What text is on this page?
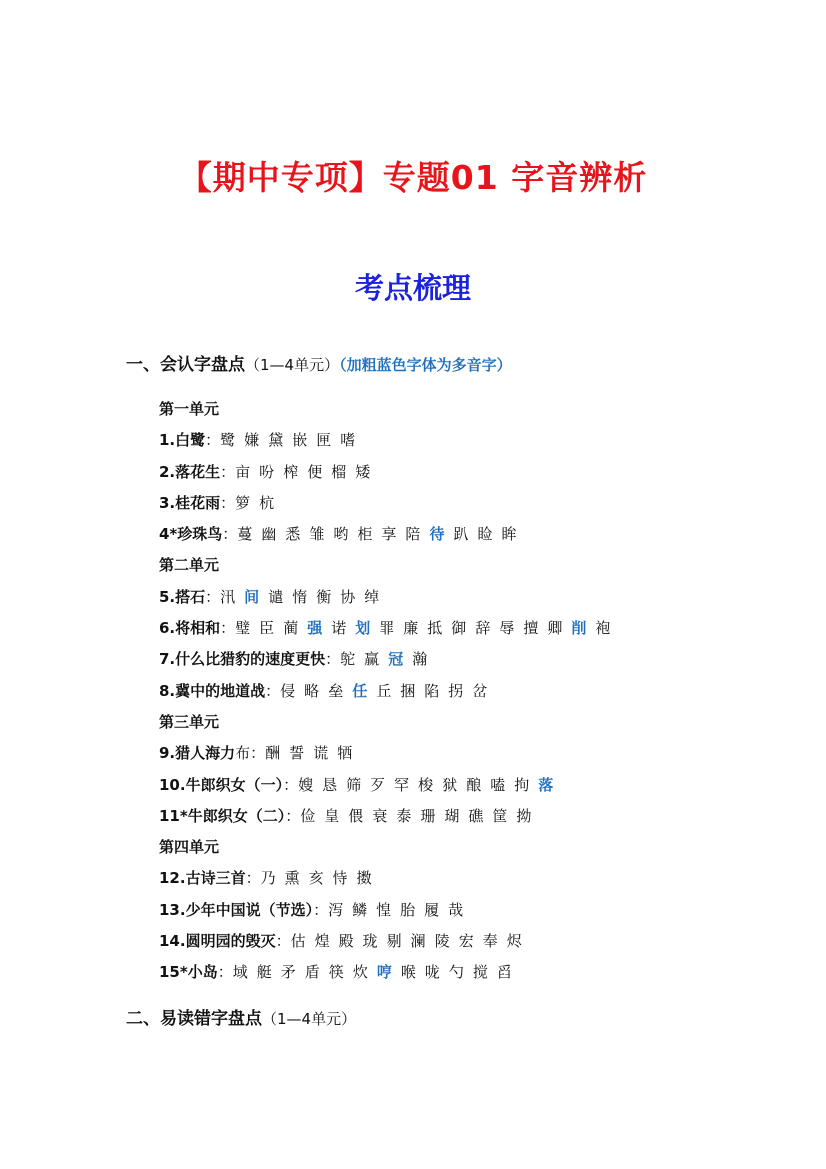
【期中专项】专题01 字音辨析
考点梳理
一、会认字盘点（1—4单元）（加粗蓝色字体为多音字）
第一单元
1.白鹭：鹭 嫌 黛 嵌 匣 嗜
2.落花生：亩 吩 榨 便 榴 矮
3.桂花雨：箩 杭
4*珍珠鸟：蔓 幽 悉 雏 哟 柜 享 陪 待 趴 睑 眸
第二单元
5.搭石：汛 间 谴 惰 衡 协 绰
6.将相和：璧 臣 蔺 强 诺 划 罪 廉 抵 御 辞 辱 擅 卿 削 袍
7.什么比猎豹的速度更快：鸵 赢 冠 瀚
8.冀中的地道战：侵 略 垒 任 丘 捆 陷 拐 岔
第三单元
9.猎人海力布：酬 誓 谎 牺
10.牛郎织女（一）：嫂 恳 筛 歹 罕 梭 狱 酿 嗑 拘 落
11*牛郎织女（二）：俭 皇 偎 衰 泰 珊 瑚 礁 筐 拗
第四单元
12.古诗三首：乃 熏 亥 恃 擞
13.少年中国说（节选）：泻 鳞 惶 胎 履 哉
14.圆明园的毁灭：估 煌 殿 珑 剔 澜 陵 宏 奉 烬
15*小岛：域 艇 矛 盾 筷 炊 哼 喉 咙 勺 搅 舀
二、易读错字盘点（1—4单元）
